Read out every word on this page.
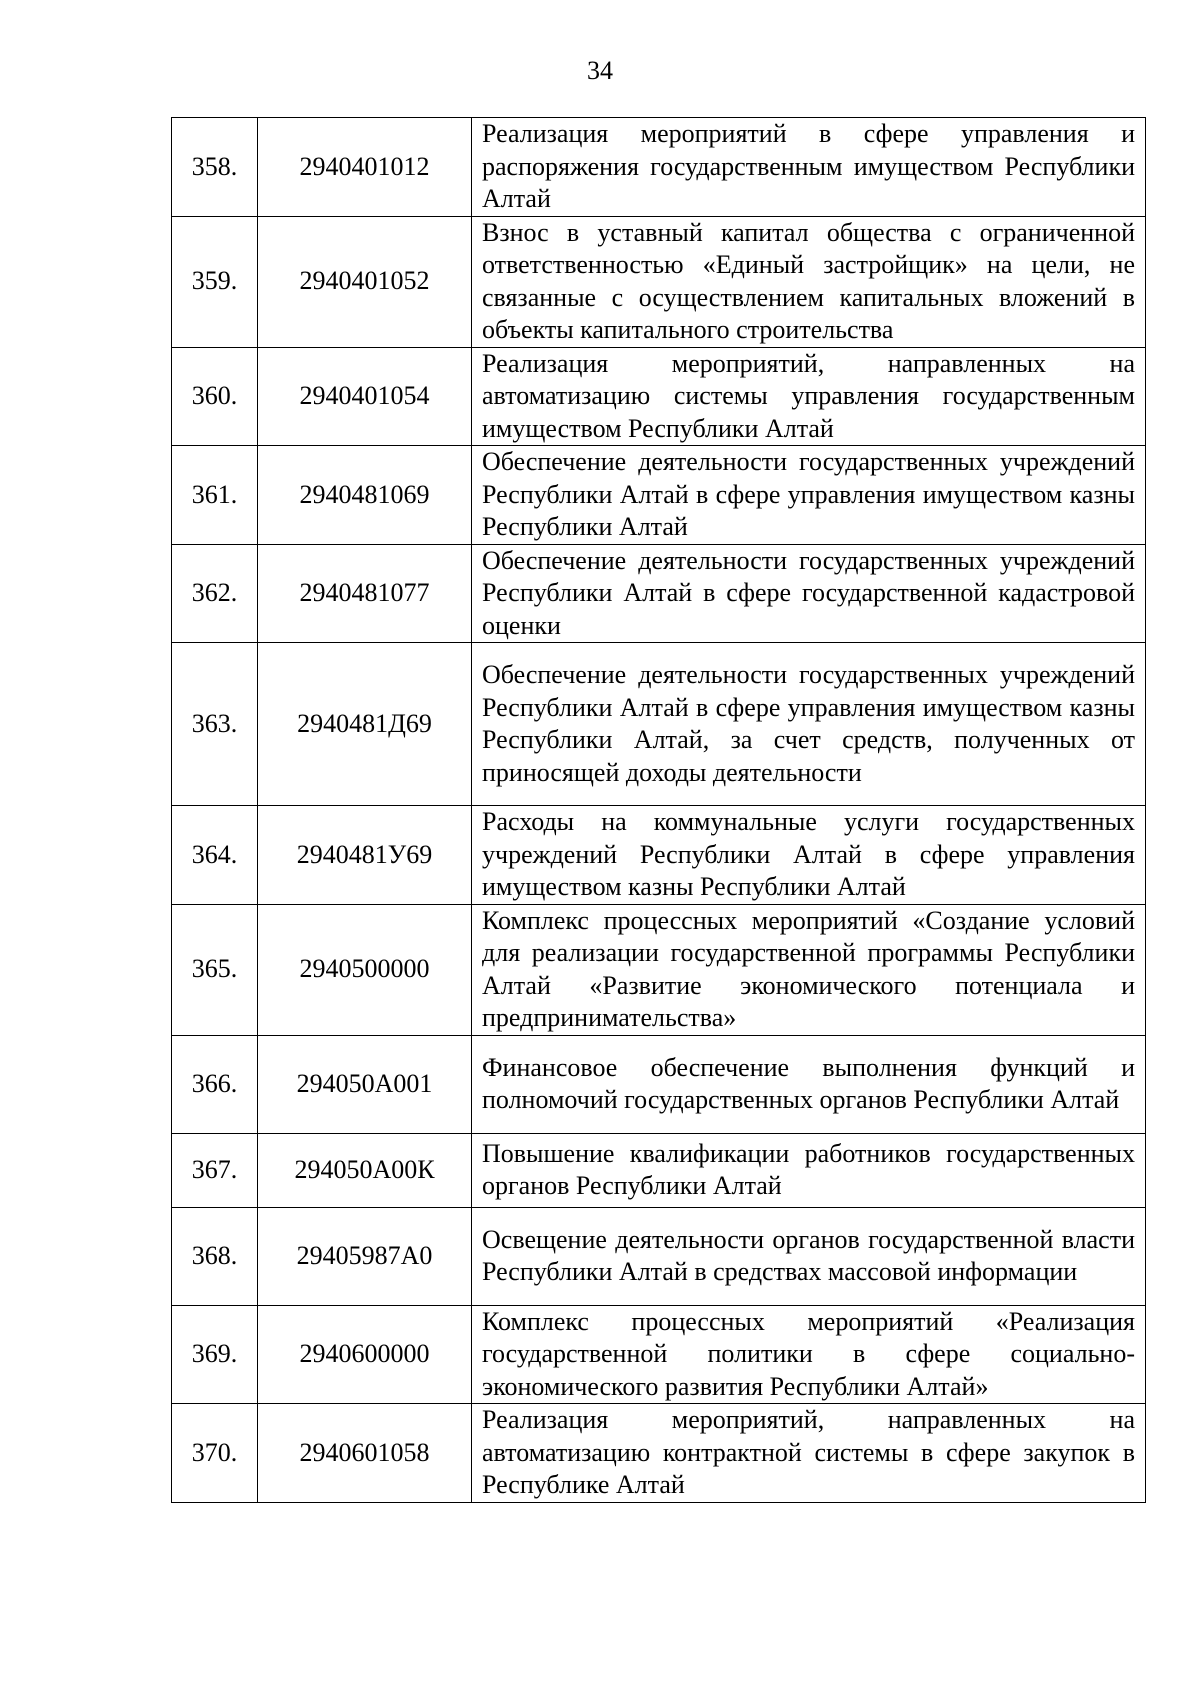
34
358.	2940401012	Реализация мероприятий в сфере управления и распоряжения государственным имуществом Республики Алтай
359.	2940401052	Взнос в уставный капитал общества с ограниченной ответственностью «Единый застройщик» на цели, не связанные с осуществлением капитальных вложений в объекты капитального строительства
360.	2940401054	Реализация мероприятий, направленных на автоматизацию системы управления государственным имуществом Республики Алтай
361.	2940481069	Обеспечение деятельности государственных учреждений Республики Алтай в сфере управления имуществом казны Республики Алтай
362.	2940481077	Обеспечение деятельности государственных учреждений Республики Алтай в сфере государственной кадастровой оценки
363.	2940481Д69	Обеспечение деятельности государственных учреждений Республики Алтай в сфере управления имуществом казны Республики Алтай, за счет средств, полученных от приносящей доходы деятельности
364.	2940481У69	Расходы на коммунальные услуги государственных учреждений Республики Алтай в сфере управления имуществом казны Республики Алтай
365.	2940500000	Комплекс процессных мероприятий «Создание условий для реализации государственной программы Республики Алтай «Развитие экономического потенциала и предпринимательства»
366.	294050А001	Финансовое обеспечение выполнения функций и полномочий государственных органов Республики Алтай
367.	294050А00К	Повышение квалификации работников государственных органов Республики Алтай
368.	29405987А0	Освещение деятельности органов государственной власти Республики Алтай в средствах массовой информации
369.	2940600000	Комплекс процессных мероприятий «Реализация государственной политики в сфере социально-экономического развития Республики Алтай»
370.	2940601058	Реализация мероприятий, направленных на автоматизацию контрактной системы в сфере закупок в Республике Алтай
